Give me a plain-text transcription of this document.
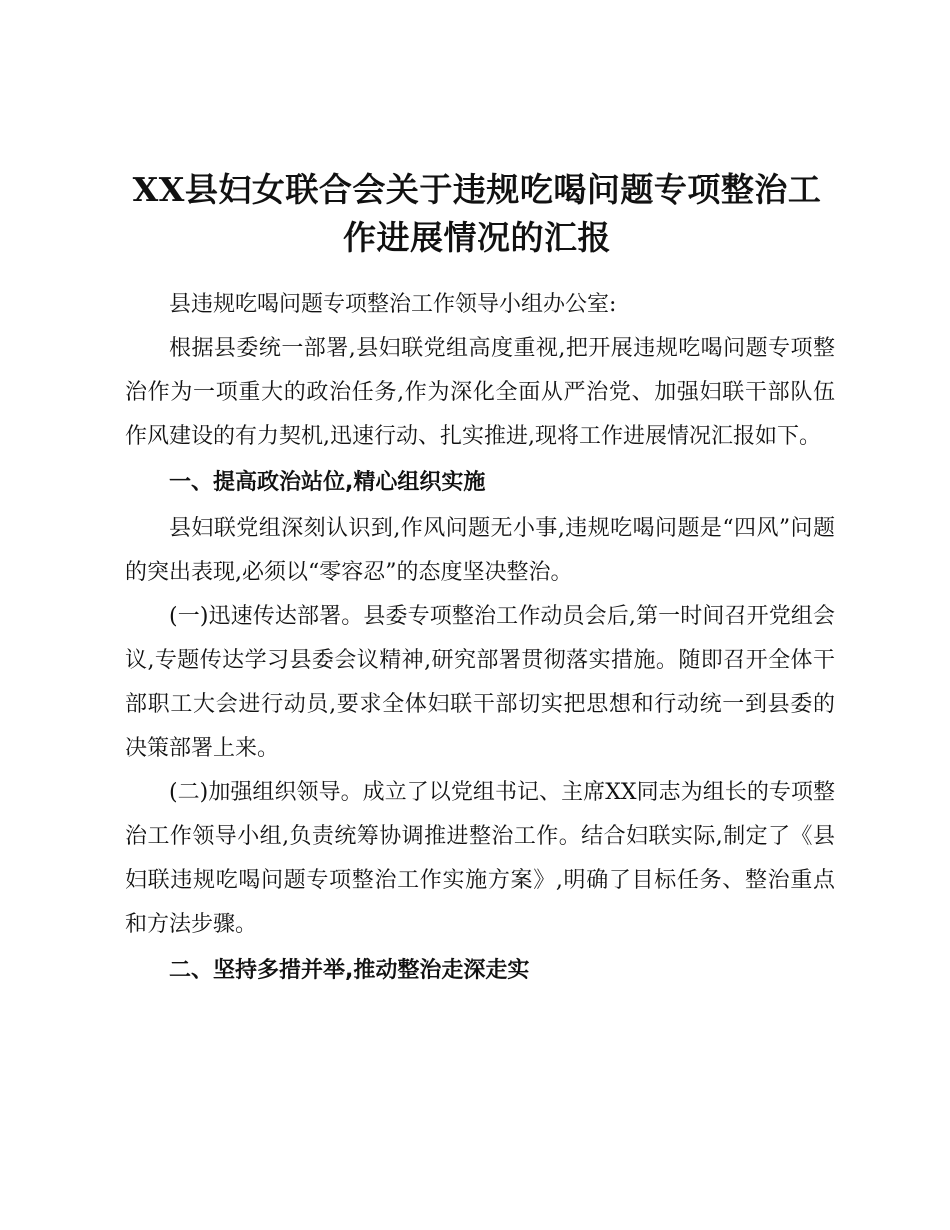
XX县妇女联合会关于违规吃喝问题专项整治工
作进展情况的汇报

县违规吃喝问题专项整治工作领导小组办公室:

根据县委统一部署,县妇联党组高度重视,把开展违规吃喝问题专项整治作为一项重大的政治任务,作为深化全面从严治党、加强妇联干部队伍作风建设的有力契机,迅速行动、扎实推进,现将工作进展情况汇报如下。

一、提高政治站位,精心组织实施

县妇联党组深刻认识到,作风问题无小事,违规吃喝问题是“四风”问题的突出表现,必须以“零容忍”的态度坚决整治。

(一)迅速传达部署。县委专项整治工作动员会后,第一时间召开党组会议,专题传达学习县委会议精神,研究部署贯彻落实措施。随即召开全体干部职工大会进行动员,要求全体妇联干部切实把思想和行动统一到县委的决策部署上来。

(二)加强组织领导。成立了以党组书记、主席XX同志为组长的专项整治工作领导小组,负责统筹协调推进整治工作。结合妇联实际,制定了《县妇联违规吃喝问题专项整治工作实施方案》,明确了目标任务、整治重点和方法步骤。

二、坚持多措并举,推动整治走深走实
